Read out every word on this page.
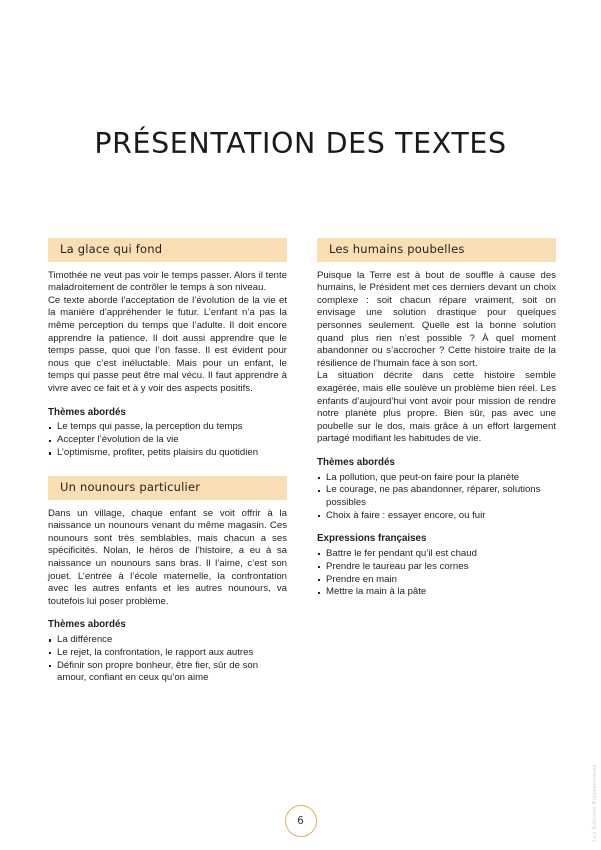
PRÉSENTATION DES TEXTES
La glace qui fond

Timothée ne veut pas voir le temps passer. Alors il tente maladroitement de contrôler le temps à son niveau.

Ce texte aborde l’acceptation de l’évolution de la vie et la manière d’appréhender le futur. L’enfant n’a pas la même perception du temps que l’adulte. Il doit encore apprendre la patience. Il doit aussi apprendre que le temps passe, quoi que l’on fasse. Il est évident pour nous que c’est inéluctable. Mais pour un enfant, le temps qui passe peut être mal vécu. Il faut apprendre à vivre avec ce fait et à y voir des aspects positifs.

Thèmes abordés
Le temps qui passe, la perception du temps
Accepter l’évolution de la vie
L’optimisme, profiter, petits plaisirs du quotidien
Un nounours particulier

Dans un village, chaque enfant se voit offrir à la naissance un nounours venant du même magasin. Ces nounours sont très semblables, mais chacun a ses spécificités. Nolan, le héros de l’histoire, a eu à sa naissance un nounours sans bras. Il l’aime, c’est son jouet. L’entrée à l’école maternelle, la confrontation avec les autres enfants et les autres nounours, va toutefois lui poser problème.

Thèmes abordés
La différence
Le rejet, la confrontation, le rapport aux autres
Définir son propre bonheur, être fier, sûr de son amour, confiant en ceux qu’on aime
Les humains poubelles

Puisque la Terre est à bout de souffle à cause des humains, le Président met ces derniers devant un choix complexe : soit chacun répare vraiment, soit on envisage une solution drastique pour quelques personnes seulement. Quelle est la bonne solution quand plus rien n’est possible ? À quel moment abandonner ou s’accrocher ? Cette histoire traite de la résilience de l’humain face à son sort.

La situation décrite dans cette histoire semble exagérée, mais elle soulève un problème bien réel. Les enfants d’aujourd’hui vont avoir pour mission de rendre notre planète plus propre. Bien sûr, pas avec une poubelle sur le dos, mais grâce à un effort largement partagé modifiant les habitudes de vie.

Thèmes abordés
La pollution, que peut-on faire pour la planète
Le courage, ne pas abandonner, réparer, solutions possibles
Choix à faire : essayer encore, ou fuir
Expressions françaises
Battre le fer pendant qu’il est chaud
Prendre le taureau par les cornes
Prendre en main
Mettre la main à la pâte
6	Les Éditions Buissonnières
